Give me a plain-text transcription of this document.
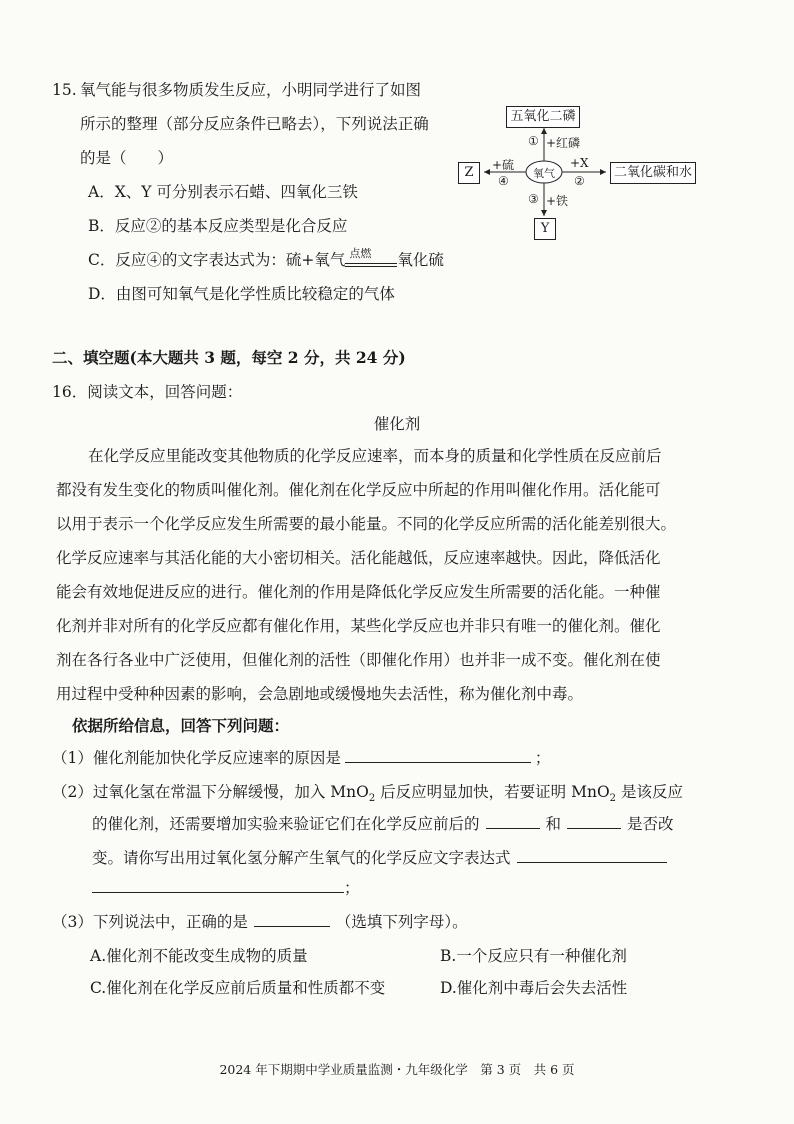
15. 氧气能与很多物质发生反应，小明同学进行了如图
所示的整理（部分反应条件已略去），下列说法正确
的是（　　）
A．X、Y 可分别表示石蜡、四氧化三铁
B．反应②的基本反应类型是化合反应
C．反应④的文字表达式为：硫+氧气 点燃 氧化硫
D．由图可知氧气是化学性质比较稳定的气体
五氧化二磷
二氧化碳和水
Z
Y
氧气
① +红磷
+X
②
③ +铁
+硫
④
二、填空题(本大题共 3 题，每空 2 分，共 24 分)
16．阅读文本，回答问题：
催化剂
在化学反应里能改变其他物质的化学反应速率，而本身的质量和化学性质在反应前后
都没有发生变化的物质叫催化剂。催化剂在化学反应中所起的作用叫催化作用。活化能可
以用于表示一个化学反应发生所需要的最小能量。不同的化学反应所需的活化能差别很大。
化学反应速率与其活化能的大小密切相关。活化能越低，反应速率越快。因此，降低活化
能会有效地促进反应的进行。催化剂的作用是降低化学反应发生所需要的活化能。一种催
化剂并非对所有的化学反应都有催化作用，某些化学反应也并非只有唯一的催化剂。催化
剂在各行各业中广泛使用，但催化剂的活性（即催化作用）也并非一成不变。催化剂在使
用过程中受种种因素的影响，会急剧地或缓慢地失去活性，称为催化剂中毒。
依据所给信息，回答下列问题：
（1）催化剂能加快化学反应速率的原因是	；
（2）过氧化氢在常温下分解缓慢，加入 MnO$_2$ 后反应明显加快，若要证明 MnO$_2$ 是该反应
的催化剂，还需要增加实验来验证它们在化学反应前后的	和	是否改
变。请你写出用过氧化氢分解产生氧气的化学反应文字表达式
；
（3）下列说法中，正确的是	（选填下列字母）。
A.催化剂不能改变生成物的质量	B.一个反应只有一种催化剂
C.催化剂在化学反应前后质量和性质都不变	D.催化剂中毒后会失去活性
2024 年下期期中学业质量监测・九年级化学　第 3 页　共 6 页
